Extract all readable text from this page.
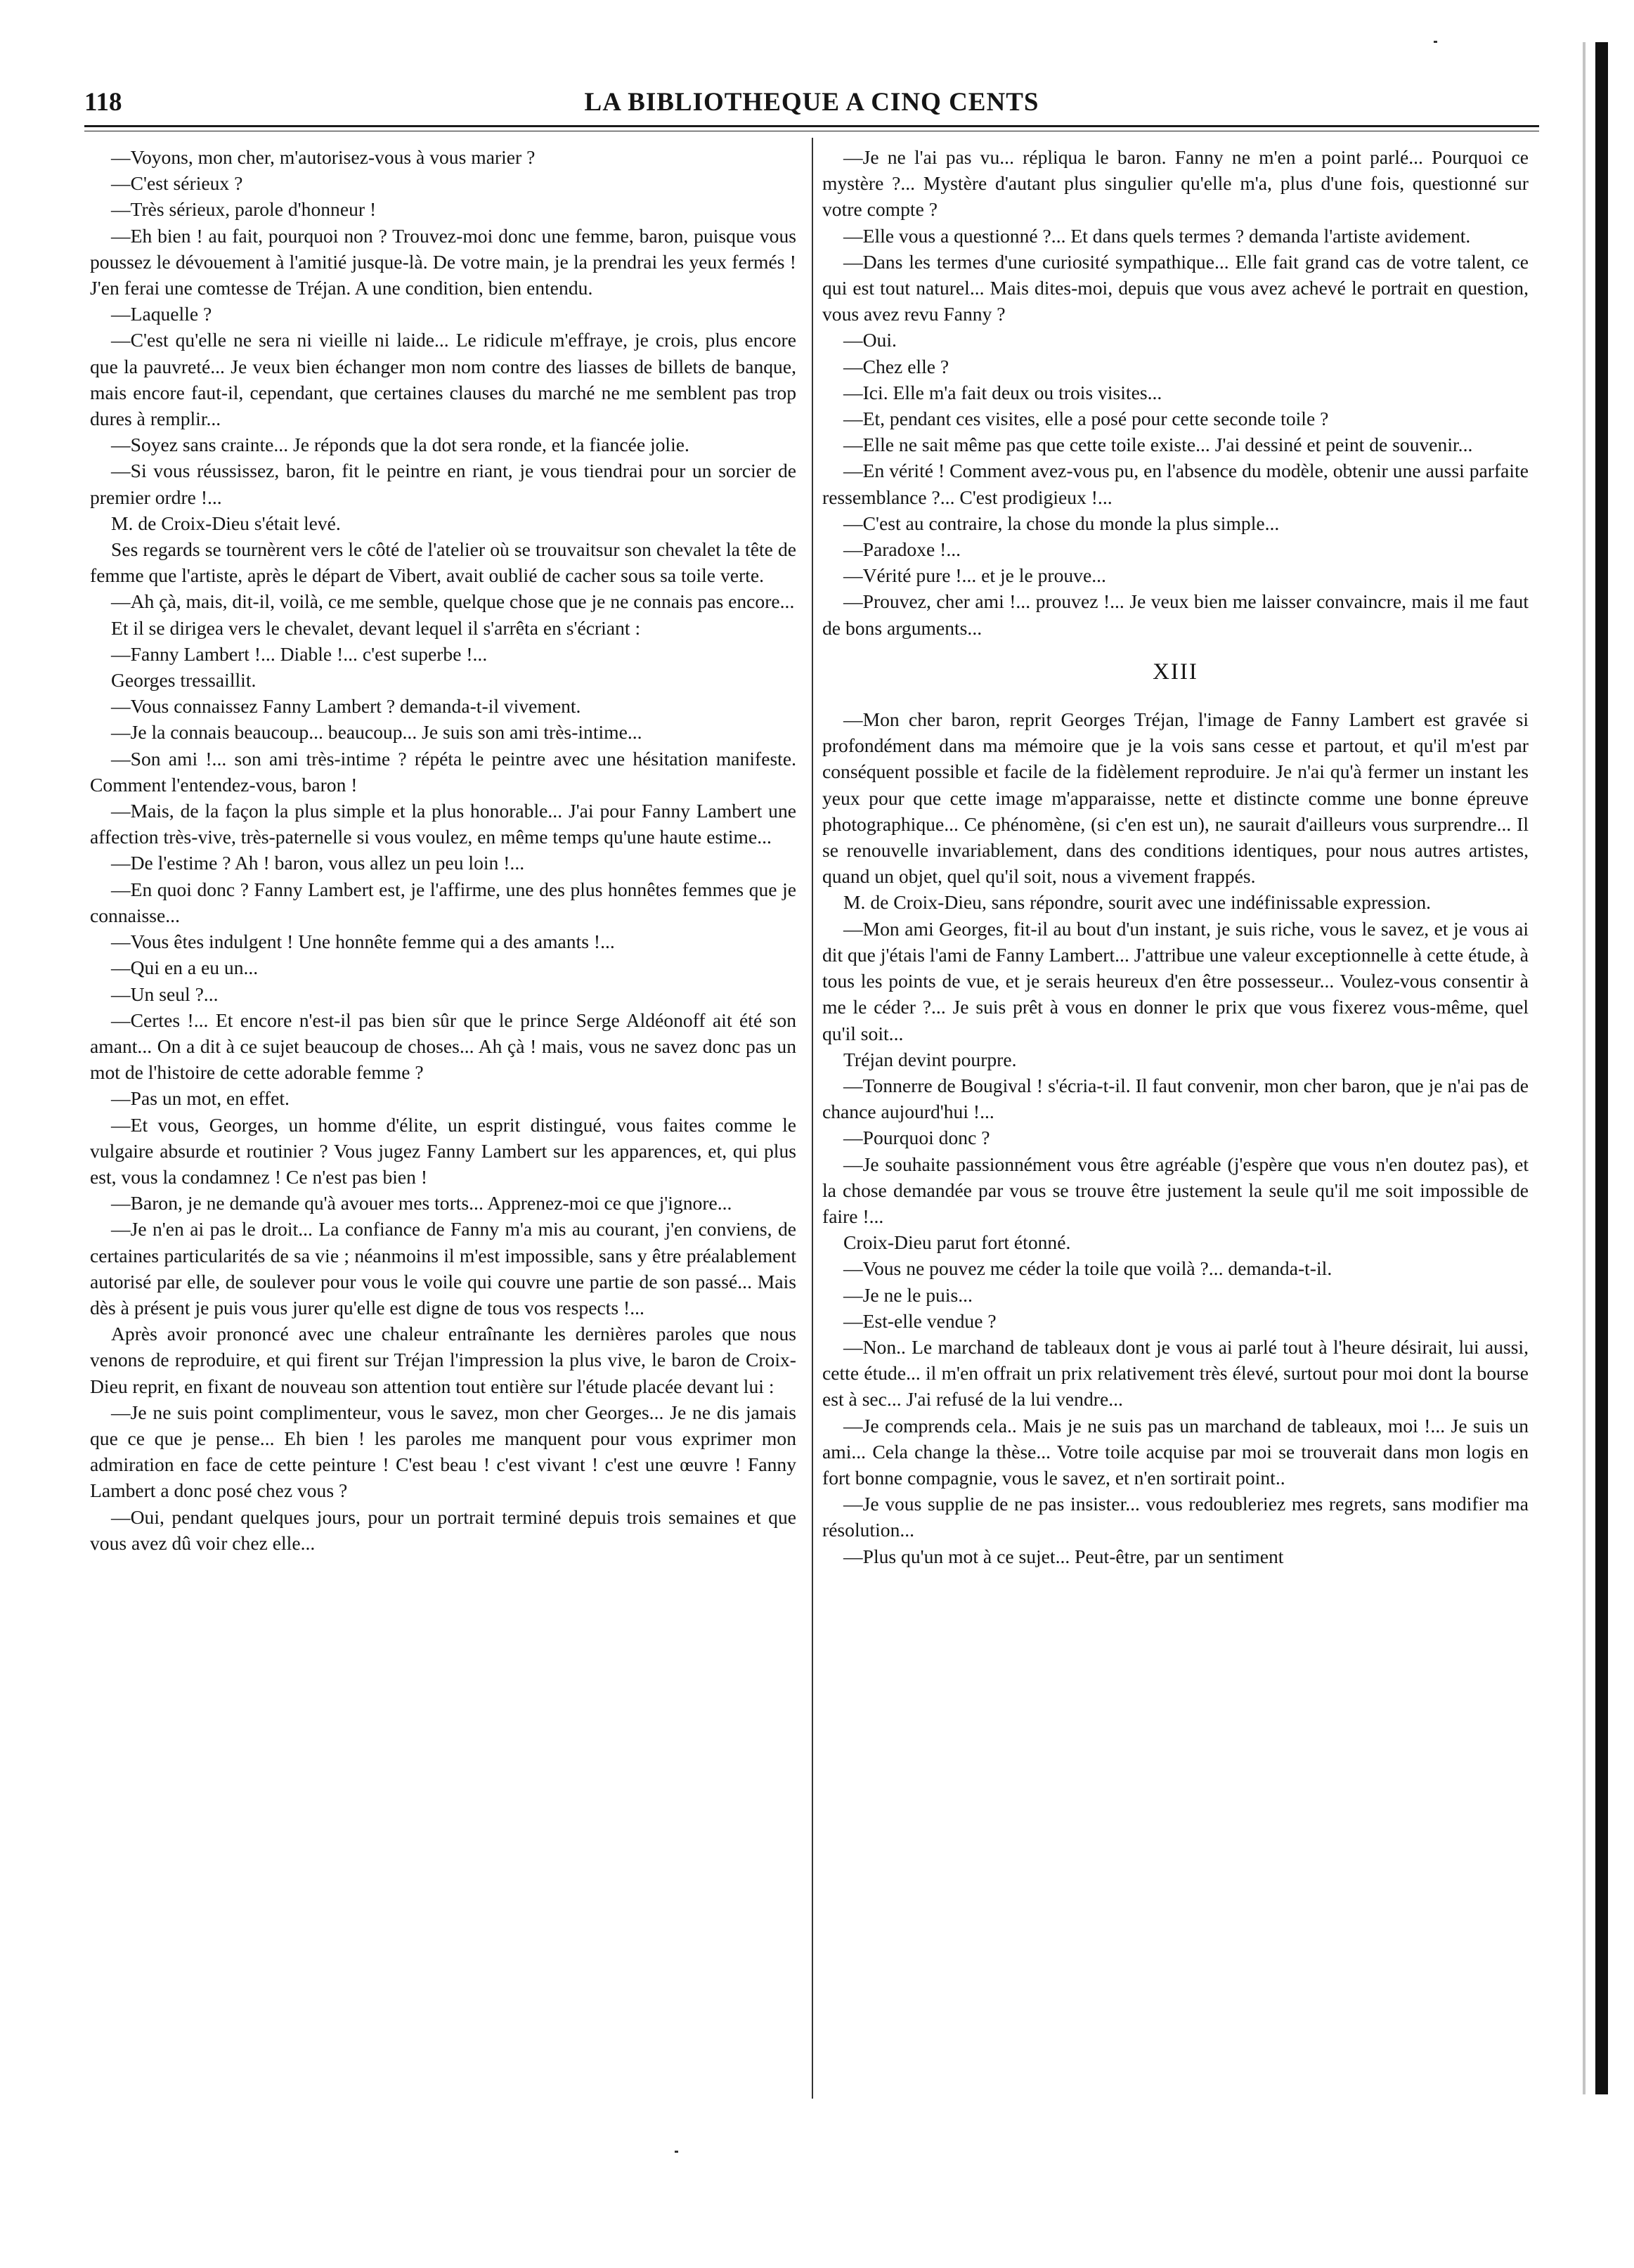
118	LA BIBLIOTHEQUE A CINQ CENTS

—Voyons, mon cher, m'autorisez-vous à vous marier ?

—C'est sérieux ?

—Très sérieux, parole d'honneur !

—Eh bien ! au fait, pourquoi non ? Trouvez-moi donc une femme, baron, puisque vous poussez le dévouement à l'amitié jusque-là. De votre main, je la prendrai les yeux fermés ! J'en ferai une comtesse de Tréjan. A une condition, bien entendu.

—Laquelle ?

—C'est qu'elle ne sera ni vieille ni laide... Le ridicule m'effraye, je crois, plus encore que la pauvreté... Je veux bien échanger mon nom contre des liasses de billets de banque, mais encore faut-il, cependant, que certaines clauses du marché ne me semblent pas trop dures à remplir...

—Soyez sans crainte... Je réponds que la dot sera ronde, et la fiancée jolie.

—Si vous réussissez, baron, fit le peintre en riant, je vous tiendrai pour un sorcier de premier ordre !...

M. de Croix-Dieu s'était levé.

Ses regards se tournèrent vers le côté de l'atelier où se trouvaitsur son chevalet la tête de femme que l'artiste, après le départ de Vibert, avait oublié de cacher sous sa toile verte.

—Ah çà, mais, dit-il, voilà, ce me semble, quelque chose que je ne connais pas encore...

Et il se dirigea vers le chevalet, devant lequel il s'arrêta en s'écriant :

—Fanny Lambert !... Diable !... c'est superbe !...

Georges tressaillit.

—Vous connaissez Fanny Lambert ? demanda-t-il vivement.

—Je la connais beaucoup... beaucoup... Je suis son ami très-intime...

—Son ami !... son ami très-intime ? répéta le peintre avec une hésitation manifeste. Comment l'entendez-vous, baron !

—Mais, de la façon la plus simple et la plus honorable... J'ai pour Fanny Lambert une affection très-vive, très-paternelle si vous voulez, en même temps qu'une haute estime...

—De l'estime ? Ah ! baron, vous allez un peu loin !...

—En quoi donc ? Fanny Lambert est, je l'affirme, une des plus honnêtes femmes que je connaisse...

—Vous êtes indulgent ! Une honnête femme qui a des amants !...

—Qui en a eu un...

—Un seul ?...

—Certes !... Et encore n'est-il pas bien sûr que le prince Serge Aldéonoff ait été son amant... On a dit à ce sujet beaucoup de choses... Ah çà ! mais, vous ne savez donc pas un mot de l'histoire de cette adorable femme ?

—Pas un mot, en effet.

—Et vous, Georges, un homme d'élite, un esprit distingué, vous faites comme le vulgaire absurde et routinier ? Vous jugez Fanny Lambert sur les apparences, et, qui plus est, vous la condamnez ! Ce n'est pas bien !

—Baron, je ne demande qu'à avouer mes torts... Apprenez-moi ce que j'ignore...

—Je n'en ai pas le droit... La confiance de Fanny m'a mis au courant, j'en conviens, de certaines particularités de sa vie ; néanmoins il m'est impossible, sans y être préalablement autorisé par elle, de soulever pour vous le voile qui couvre une partie de son passé... Mais dès à présent je puis vous jurer qu'elle est digne de tous vos respects !...

Après avoir prononcé avec une chaleur entraînante les dernières paroles que nous venons de reproduire, et qui firent sur Tréjan l'impression la plus vive, le baron de Croix-Dieu reprit, en fixant de nouveau son attention tout entière sur l'étude placée devant lui :

—Je ne suis point complimenteur, vous le savez, mon cher Georges... Je ne dis jamais que ce que je pense... Eh bien ! les paroles me manquent pour vous exprimer mon admiration en face de cette peinture ! C'est beau ! c'est vivant ! c'est une œuvre ! Fanny Lambert a donc posé chez vous ?

—Oui, pendant quelques jours, pour un portrait terminé depuis trois semaines et que vous avez dû voir chez elle...

—Je ne l'ai pas vu... répliqua le baron. Fanny ne m'en a point parlé... Pourquoi ce mystère ?... Mystère d'autant plus singulier qu'elle m'a, plus d'une fois, questionné sur votre compte ?

—Elle vous a questionné ?... Et dans quels termes ? demanda l'artiste avidement.

—Dans les termes d'une curiosité sympathique... Elle fait grand cas de votre talent, ce qui est tout naturel... Mais dites-moi, depuis que vous avez achevé le portrait en question, vous avez revu Fanny ?

—Oui.

—Chez elle ?

—Ici. Elle m'a fait deux ou trois visites...

—Et, pendant ces visites, elle a posé pour cette seconde toile ?

—Elle ne sait même pas que cette toile existe... J'ai dessiné et peint de souvenir...

—En vérité ! Comment avez-vous pu, en l'absence du modèle, obtenir une aussi parfaite ressemblance ?... C'est prodigieux !...

—C'est au contraire, la chose du monde la plus simple...

—Paradoxe !...

—Vérité pure !... et je le prouve...

—Prouvez, cher ami !... prouvez !... Je veux bien me laisser convaincre, mais il me faut de bons arguments...

XIII

—Mon cher baron, reprit Georges Tréjan, l'image de Fanny Lambert est gravée si profondément dans ma mémoire que je la vois sans cesse et partout, et qu'il m'est par conséquent possible et facile de la fidèlement reproduire. Je n'ai qu'à fermer un instant les yeux pour que cette image m'apparaisse, nette et distincte comme une bonne épreuve photographique... Ce phénomène, (si c'en est un), ne saurait d'ailleurs vous surprendre... Il se renouvelle invariablement, dans des conditions identiques, pour nous autres artistes, quand un objet, quel qu'il soit, nous a vivement frappés.

M. de Croix-Dieu, sans répondre, sourit avec une indéfinissable expression.

—Mon ami Georges, fit-il au bout d'un instant, je suis riche, vous le savez, et je vous ai dit que j'étais l'ami de Fanny Lambert... J'attribue une valeur exceptionnelle à cette étude, à tous les points de vue, et je serais heureux d'en être possesseur... Voulez-vous consentir à me le céder ?... Je suis prêt à vous en donner le prix que vous fixerez vous-même, quel qu'il soit...

Tréjan devint pourpre.

—Tonnerre de Bougival ! s'écria-t-il. Il faut convenir, mon cher baron, que je n'ai pas de chance aujourd'hui !...

—Pourquoi donc ?

—Je souhaite passionnément vous être agréable (j'espère que vous n'en doutez pas), et la chose demandée par vous se trouve être justement la seule qu'il me soit impossible de faire !...

Croix-Dieu parut fort étonné.

—Vous ne pouvez me céder la toile que voilà ?... demanda-t-il.

—Je ne le puis...

—Est-elle vendue ?

—Non.. Le marchand de tableaux dont je vous ai parlé tout à l'heure désirait, lui aussi, cette étude... il m'en offrait un prix relativement très élevé, surtout pour moi dont la bourse est à sec... J'ai refusé de la lui vendre...

—Je comprends cela.. Mais je ne suis pas un marchand de tableaux, moi !... Je suis un ami... Cela change la thèse... Votre toile acquise par moi se trouverait dans mon logis en fort bonne compagnie, vous le savez, et n'en sortirait point..

—Je vous supplie de ne pas insister... vous redoubleriez mes regrets, sans modifier ma résolution...

—Plus qu'un mot à ce sujet... Peut-être, par un sentiment
